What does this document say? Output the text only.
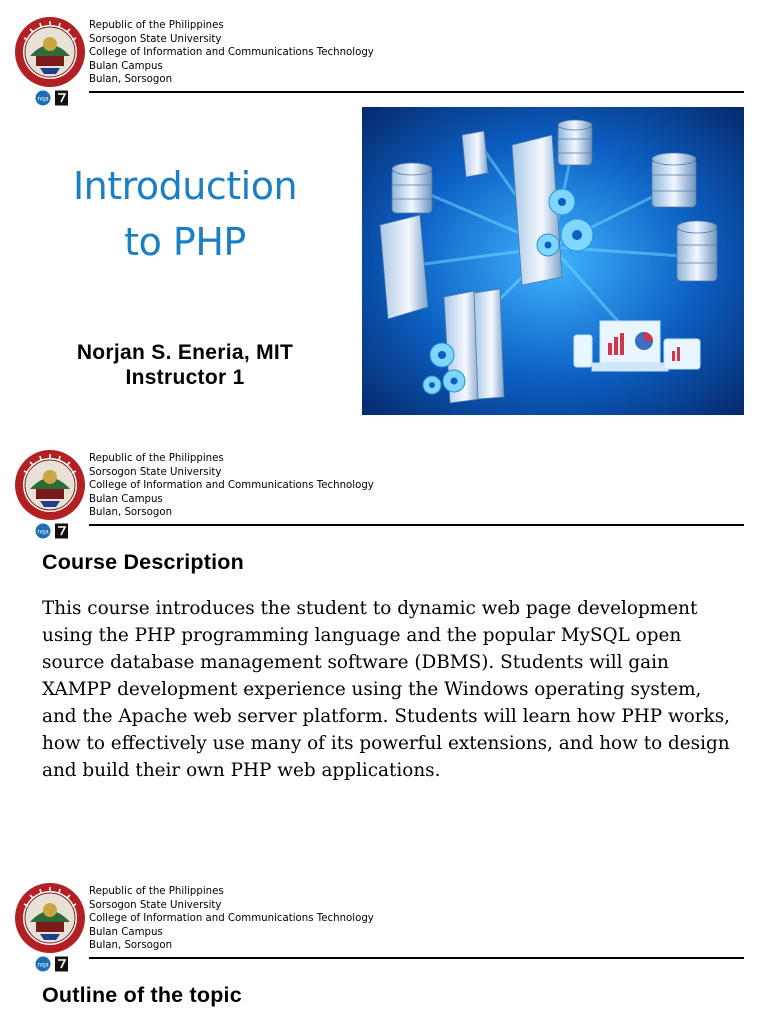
nqa
Republic of the Philippines
Sorsogon State University
College of Information and Communications Technology
Bulan Campus
Bulan, Sorsogon
Introduction
to PHP
Norjan S. Eneria, MIT
Instructor 1
nqa
Republic of the Philippines
Sorsogon State University
College of Information and Communications Technology
Bulan Campus
Bulan, Sorsogon
Course Description
This course introduces the student to dynamic web page development using the PHP programming language and the popular MySQL open source database management software (DBMS). Students will gain XAMPP development experience using the Windows operating system, and the Apache web server platform. Students will learn how PHP works, how to effectively use many of its powerful extensions, and how to design and build their own PHP web applications.
nqa
Republic of the Philippines
Sorsogon State University
College of Information and Communications Technology
Bulan Campus
Bulan, Sorsogon
Outline of the topic
